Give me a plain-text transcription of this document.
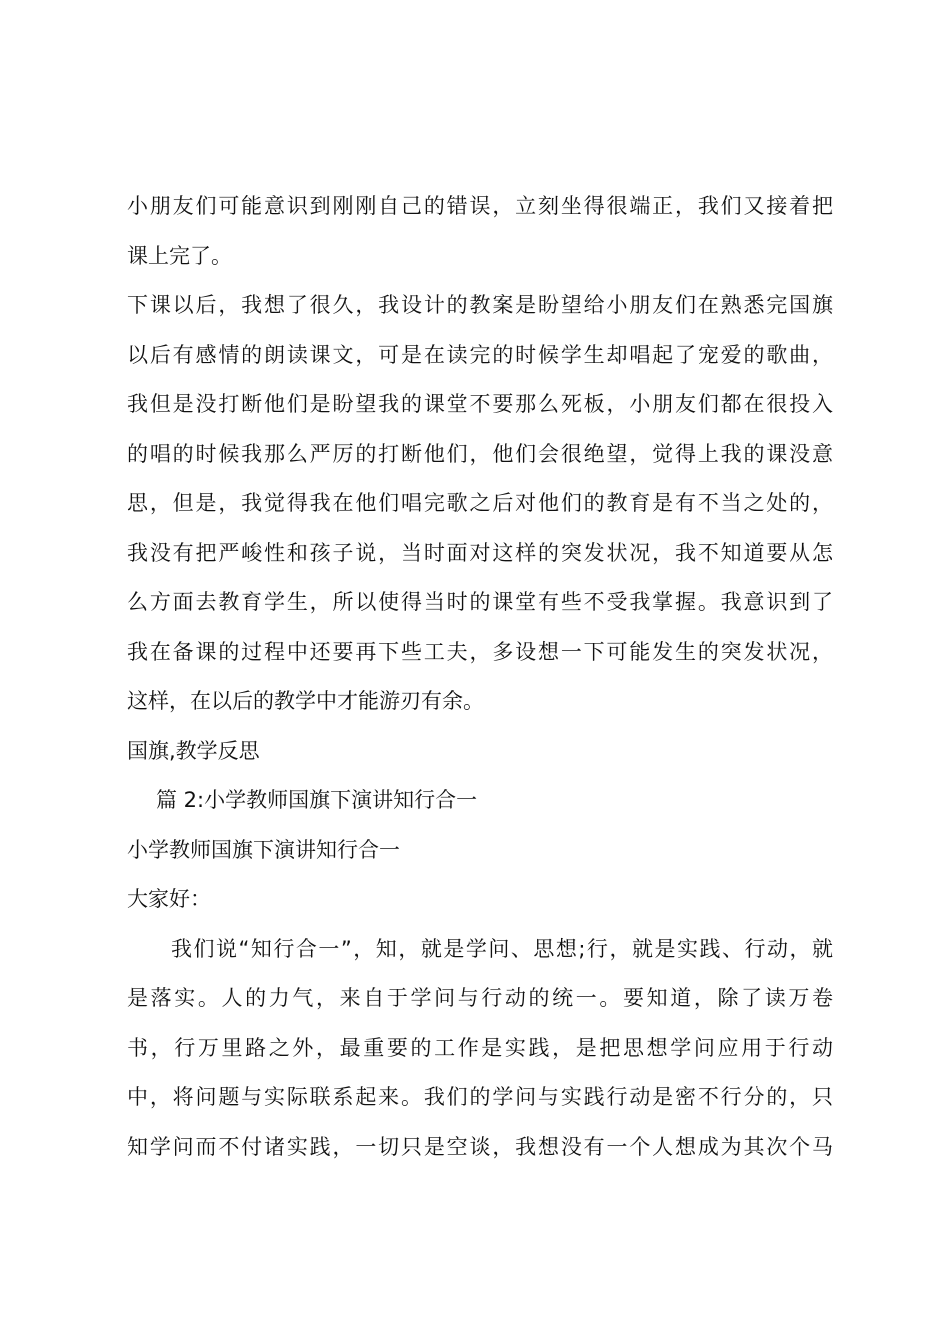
小朋友们可能意识到刚刚自己的错误，立刻坐得很端正，我们又接着把
课上完了。
下课以后，我想了很久，我设计的教案是盼望给小朋友们在熟悉完国旗
以后有感情的朗读课文，可是在读完的时候学生却唱起了宠爱的歌曲，
我但是没打断他们是盼望我的课堂不要那么死板，小朋友们都在很投入
的唱的时候我那么严厉的打断他们，他们会很绝望，觉得上我的课没意
思，但是，我觉得我在他们唱完歌之后对他们的教育是有不当之处的，
我没有把严峻性和孩子说，当时面对这样的突发状况，我不知道要从怎
么方面去教育学生，所以使得当时的课堂有些不受我掌握。我意识到了
我在备课的过程中还要再下些工夫，多设想一下可能发生的突发状况，
这样，在以后的教学中才能游刃有余。
国旗,教学反思
篇 2:小学教师国旗下演讲知行合一
小学教师国旗下演讲知行合一
大家好：
我们说“知行合一”，知，就是学问、思想;行，就是实践、行动，就
是落实。人的力气，来自于学问与行动的统一。要知道，除了读万卷
书，行万里路之外，最重要的工作是实践，是把思想学问应用于行动
中，将问题与实际联系起来。我们的学问与实践行动是密不行分的，只
知学问而不付诸实践，一切只是空谈，我想没有一个人想成为其次个马
